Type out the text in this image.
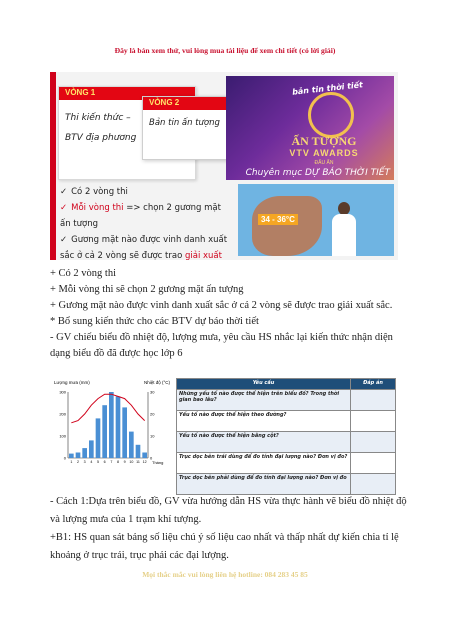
Đây là bản xem thử, vui lòng mua tài liệu để xem chi tiết (có lời giải)
VÒNG 1
Thi kiến thức –
BTV địa phương
VÒNG 2
Bản tin ấn tượng
bản tin thời tiết
ẤN TƯỢNG
VTV AWARDS
ĐẤU ẤN
Chuyên mục DỰ BÁO THỜI TIẾT
✓ Có 2 vòng thi
✓ Mỗi vòng thi => chọn 2 gương mặt ấn tượng
✓ Gương mặt nào được vinh danh xuất sắc ở cả 2 vòng sẽ được trao giải xuất
34 - 36°C
+ Có 2 vòng thi
+ Mỗi vòng thi sẽ chọn 2 gương mặt ấn tượng
+ Gương mặt nào được vinh danh xuất sắc ở cả 2 vòng sẽ được trao giải xuất sắc.
* Bổ sung kiến thức cho các BTV dự báo thời tiết
- GV chiếu biểu đồ nhiệt độ, lượng mưa, yêu cầu HS nhắc lại kiến thức nhận diện
dạng biểu đồ đã được học lớp 6
Lượng mưa (mm)	Nhiệt độ (°C)
Tháng
0
100
200
300
0
10
20
30
1 2 3 4 5 6 7 8 9 10 11 12
Yêu cầu	Đáp án
Những yếu tố nào được thể hiện trên biểu đồ? Trong thời gian bao lâu?	
Yếu tố nào được thể hiện theo đường?	
Yếu tố nào được thể hiện bằng cột?	
Trục dọc bên trái dùng để đo tính đại lượng nào? Đơn vị đo?	
Trục dọc bên phải dùng để đo tính đại lượng nào? Đơn vị đo	
- Cách 1:Dựa trên biểu đồ, GV vừa hướng dẫn HS vừa thực hành vẽ biểu đồ nhiệt độ
và lượng mưa của 1 trạm khí tượng.
+B1: HS quan sát bảng số liệu chú ý số liệu cao nhất và thấp nhất dự kiến chia tỉ lệ
khoảng ở trục trái, trục phải các đại lượng.
Mọi thắc mắc vui lòng liên hệ hotline: 084 283 45 85
